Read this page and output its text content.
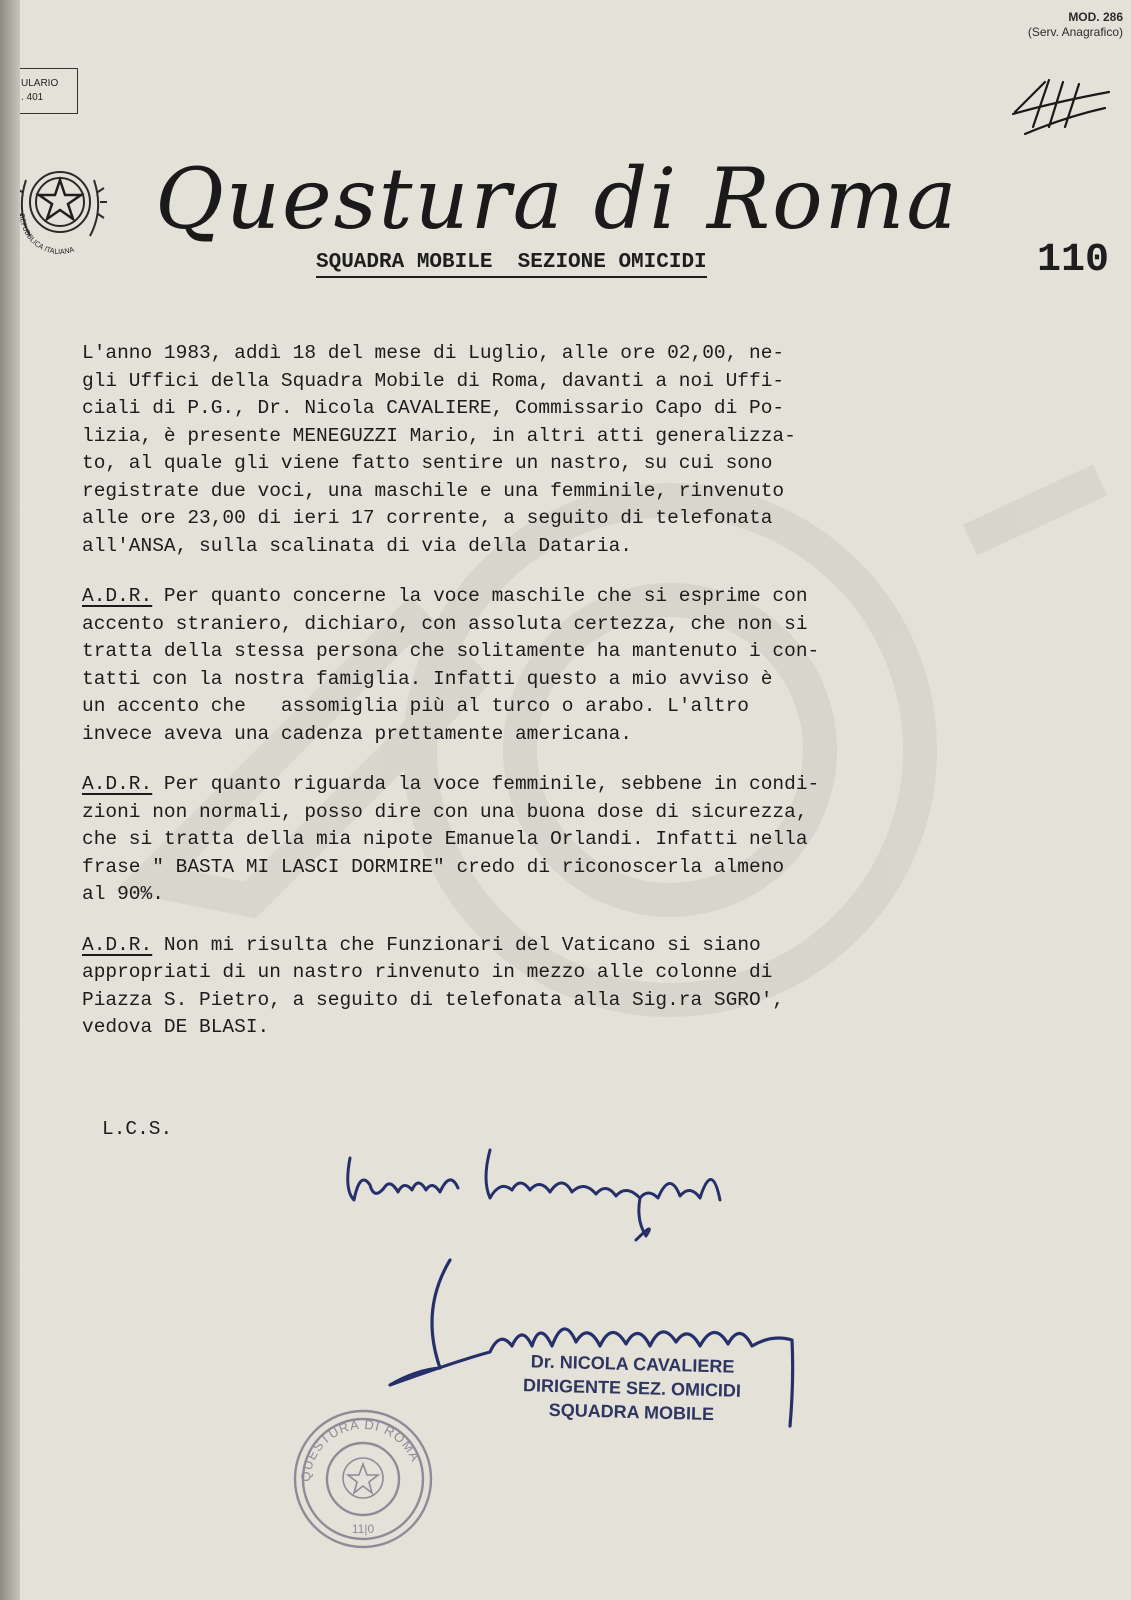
MOD. 286
(Serv. Anagrafico)
ULARIO
. 401
REPUBBLICA ITALIANA
Questura di Roma
SQUADRA MOBILE  SEZIONE OMICIDI	110
L'anno 1983, addì 18 del mese di Luglio, alle ore 02,00, ne-
gli Uffici della Squadra Mobile di Roma, davanti a noi Uffi-
ciali di P.G., Dr. Nicola CAVALIERE, Commissario Capo di Po-
lizia, è presente MENEGUZZI Mario, in altri atti generalizza-
to, al quale gli viene fatto sentire un nastro, su cui sono
registrate due voci, una maschile e una femminile, rinvenuto
alle ore 23,00 di ieri 17 corrente, a seguito di telefonata
all'ANSA, sulla scalinata di via della Dataria.
A.D.R. Per quanto concerne la voce maschile che si esprime con
accento straniero, dichiaro, con assoluta certezza, che non si
tratta della stessa persona che solitamente ha mantenuto i con-
tatti con la nostra famiglia. Infatti questo a mio avviso è
un accento che   assomiglia più al turco o arabo. L'altro
invece aveva una cadenza prettamente americana.
A.D.R. Per quanto riguarda la voce femminile, sebbene in condi-
zioni non normali, posso dire con una buona dose di sicurezza,
che si tratta della mia nipote Emanuela Orlandi. Infatti nella
frase " BASTA MI LASCI DORMIRE" credo di riconoscerla almeno
al 90%.
A.D.R. Non mi risulta che Funzionari del Vaticano si siano
appropriati di un nastro rinvenuto in mezzo alle colonne di
Piazza S. Pietro, a seguito di telefonata alla Sig.ra SGRO',
vedova DE BLASI.
L.C.S.
Dr. NICOLA CAVALIERE
DIRIGENTE SEZ. OMICIDI
SQUADRA MOBILE
QUESTURA DI ROMA
11|0
